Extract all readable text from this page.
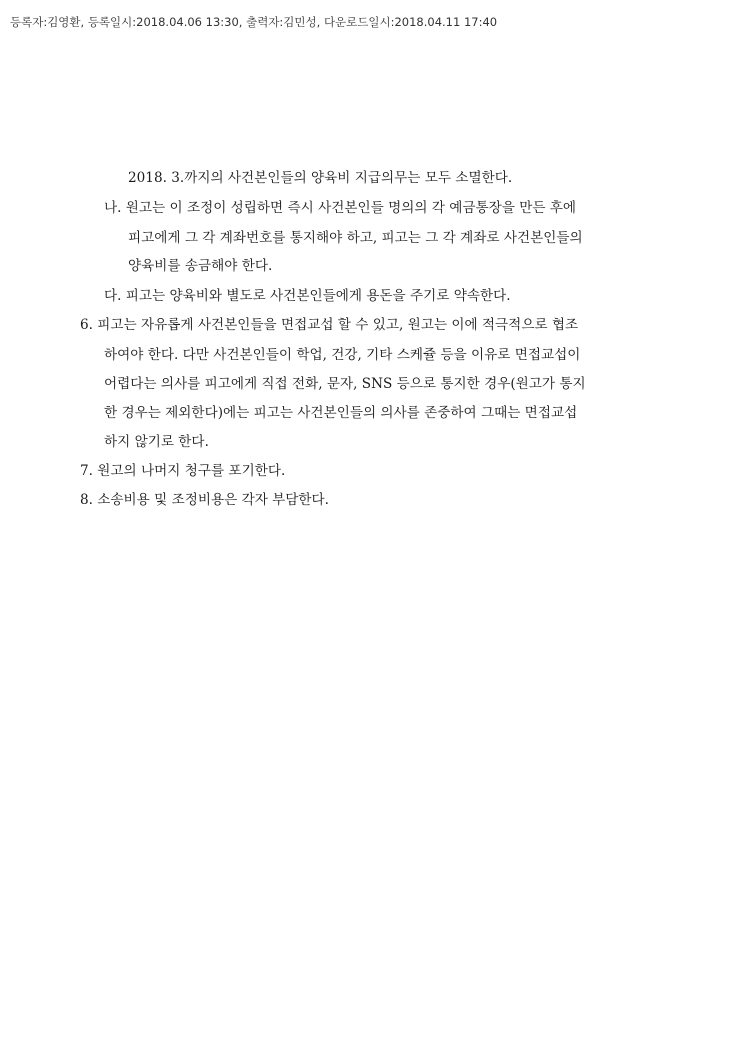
등록자:김영환, 등록일시:2018.04.06 13:30, 출력자:김민성, 다운로드일시:2018.04.11 17:40
2018. 3.까지의 사건본인들의 양육비 지급의무는 모두 소멸한다.
나. 원고는 이 조정이 성립하면 즉시 사건본인들 명의의 각 예금통장을 만든 후에
피고에게 그 각 계좌번호를 통지해야 하고, 피고는 그 각 계좌로 사건본인들의
양육비를 송금해야 한다.
다. 피고는 양육비와 별도로 사건본인들에게 용돈을 주기로 약속한다.
6. 피고는 자유롭게 사건본인들을 면접교섭 할 수 있고, 원고는 이에 적극적으로 협조
하여야 한다. 다만 사건본인들이 학업, 건강, 기타 스케쥴 등을 이유로 면접교섭이
어렵다는 의사를 피고에게 직접 전화, 문자, SNS 등으로 통지한 경우(원고가 통지
한 경우는 제외한다)에는 피고는 사건본인들의 의사를 존중하여 그때는 면접교섭
하지 않기로 한다.
7. 원고의 나머지 청구를 포기한다.
8. 소송비용 및 조정비용은 각자 부담한다.
